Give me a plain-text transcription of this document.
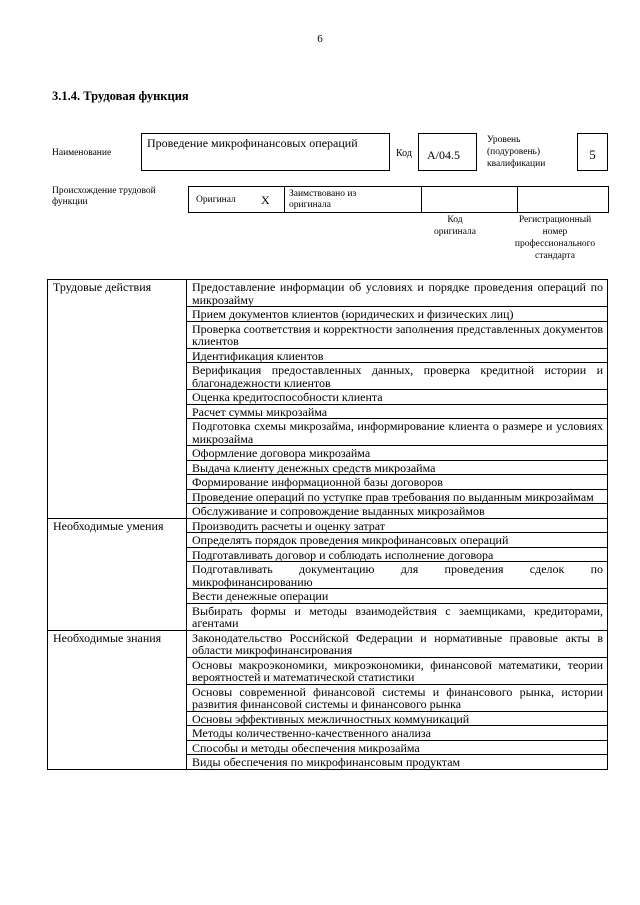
6
3.1.4. Трудовая функция
Наименование
Проведение микрофинансовых операций
Код	A/04.5
Уровень
(подуровень)
квалификации
5
Происхождение трудовой
функции	Оригинал X Заимствовано из
оригинала
Код
оригинала
Регистрационный
номер
профессионального
стандарта
Трудовые действия	Предоставление информации об условиях и порядке проведения операций по микрозайму
	Прием документов клиентов (юридических и физических лиц)
	Проверка соответствия и корректности заполнения представленных документов клиентов
	Идентификация клиентов
	Верификация предоставленных данных, проверка кредитной истории и благонадежности клиентов
	Оценка кредитоспособности клиента
	Расчет суммы микрозайма
	Подготовка схемы микрозайма, информирование клиента о размере и условиях микрозайма
	Оформление договора микрозайма
	Выдача клиенту денежных средств микрозайма
	Формирование информационной базы договоров
	Проведение операций по уступке прав требования по выданным микрозаймам
	Обслуживание и сопровождение выданных микрозаймов
Необходимые умения	Производить расчеты и оценку затрат
	Определять порядок проведения микрофинансовых операций
	Подготавливать договор и соблюдать исполнение договора
	Подготавливать документацию для проведения сделок по микрофинансированию
	Вести денежные операции
	Выбирать формы и методы взаимодействия с заемщиками, кредиторами, агентами
Необходимые знания	Законодательство Российской Федерации и нормативные правовые акты в области микрофинансирования
	Основы макроэкономики, микроэкономики, финансовой математики, теории вероятностей и математической статистики
	Основы современной финансовой системы и финансового рынка, истории развития финансовой системы и финансового рынка
	Основы эффективных межличностных коммуникаций
	Методы количественно-качественного анализа
	Способы и методы обеспечения микрозайма
	Виды обеспечения по микрофинансовым продуктам
